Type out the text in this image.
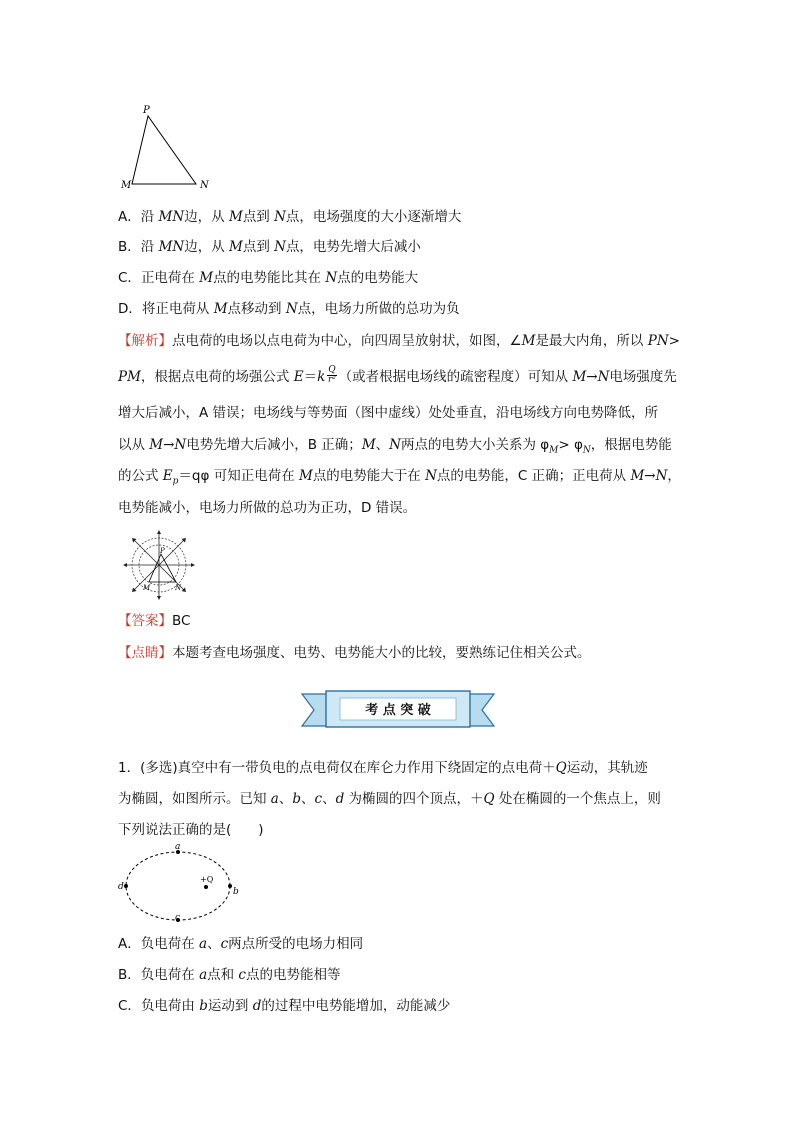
P
M	N
A．沿 MN边，从 M点到 N点，电场强度的大小逐渐增大
B．沿 MN边，从 M点到 N点，电势先增大后减小
C．正电荷在 M点的电势能比其在 N点的电势能大
D．将正电荷从 M点移动到 N点，电场力所做的总功为负
【解析】点电荷的电场以点电荷为中心，向四周呈放射状，如图，∠M是最大内角，所以 PN>
PM，根据点电荷的场强公式 $E=k \frac{Q}{\text{r²}}$ （或者根据电场线的疏密程度）可知从 M→N电场强度先
增大后减小，A 错误；电场线与等势面（图中虚线）处处垂直，沿电场线方向电势降低，所
以从 M→N电势先增大后减小，B 正确；M、N两点的电势大小关系为 $\varphi_M> \varphi_N$，根据电势能
的公式 $E_p=q\varphi$ 可知正电荷在 M点的电势能大于在 N点的电势能，C 正确；正电荷从 M→N，
电势能减小，电场力所做的总功为正功，D 错误。
P
M	N
【答案】BC
【点睛】本题考查电场强度、电势、电势能大小的比较，要熟练记住相关公式。
考 点 突 破
1．(多选)真空中有一带负电的点电荷仅在库仑力作用下绕固定的点电荷＋Q运动，其轨迹
为椭圆，如图所示。已知 a、b、c、d 为椭圆的四个顶点，＋Q 处在椭圆的一个焦点上，则
下列说法正确的是(　　)
a
b
d
+Q
c
A．负电荷在 a、c两点所受的电场力相同
B．负电荷在 a点和 c点的电势能相等
C．负电荷由 b运动到 d的过程中电势能增加，动能减少
